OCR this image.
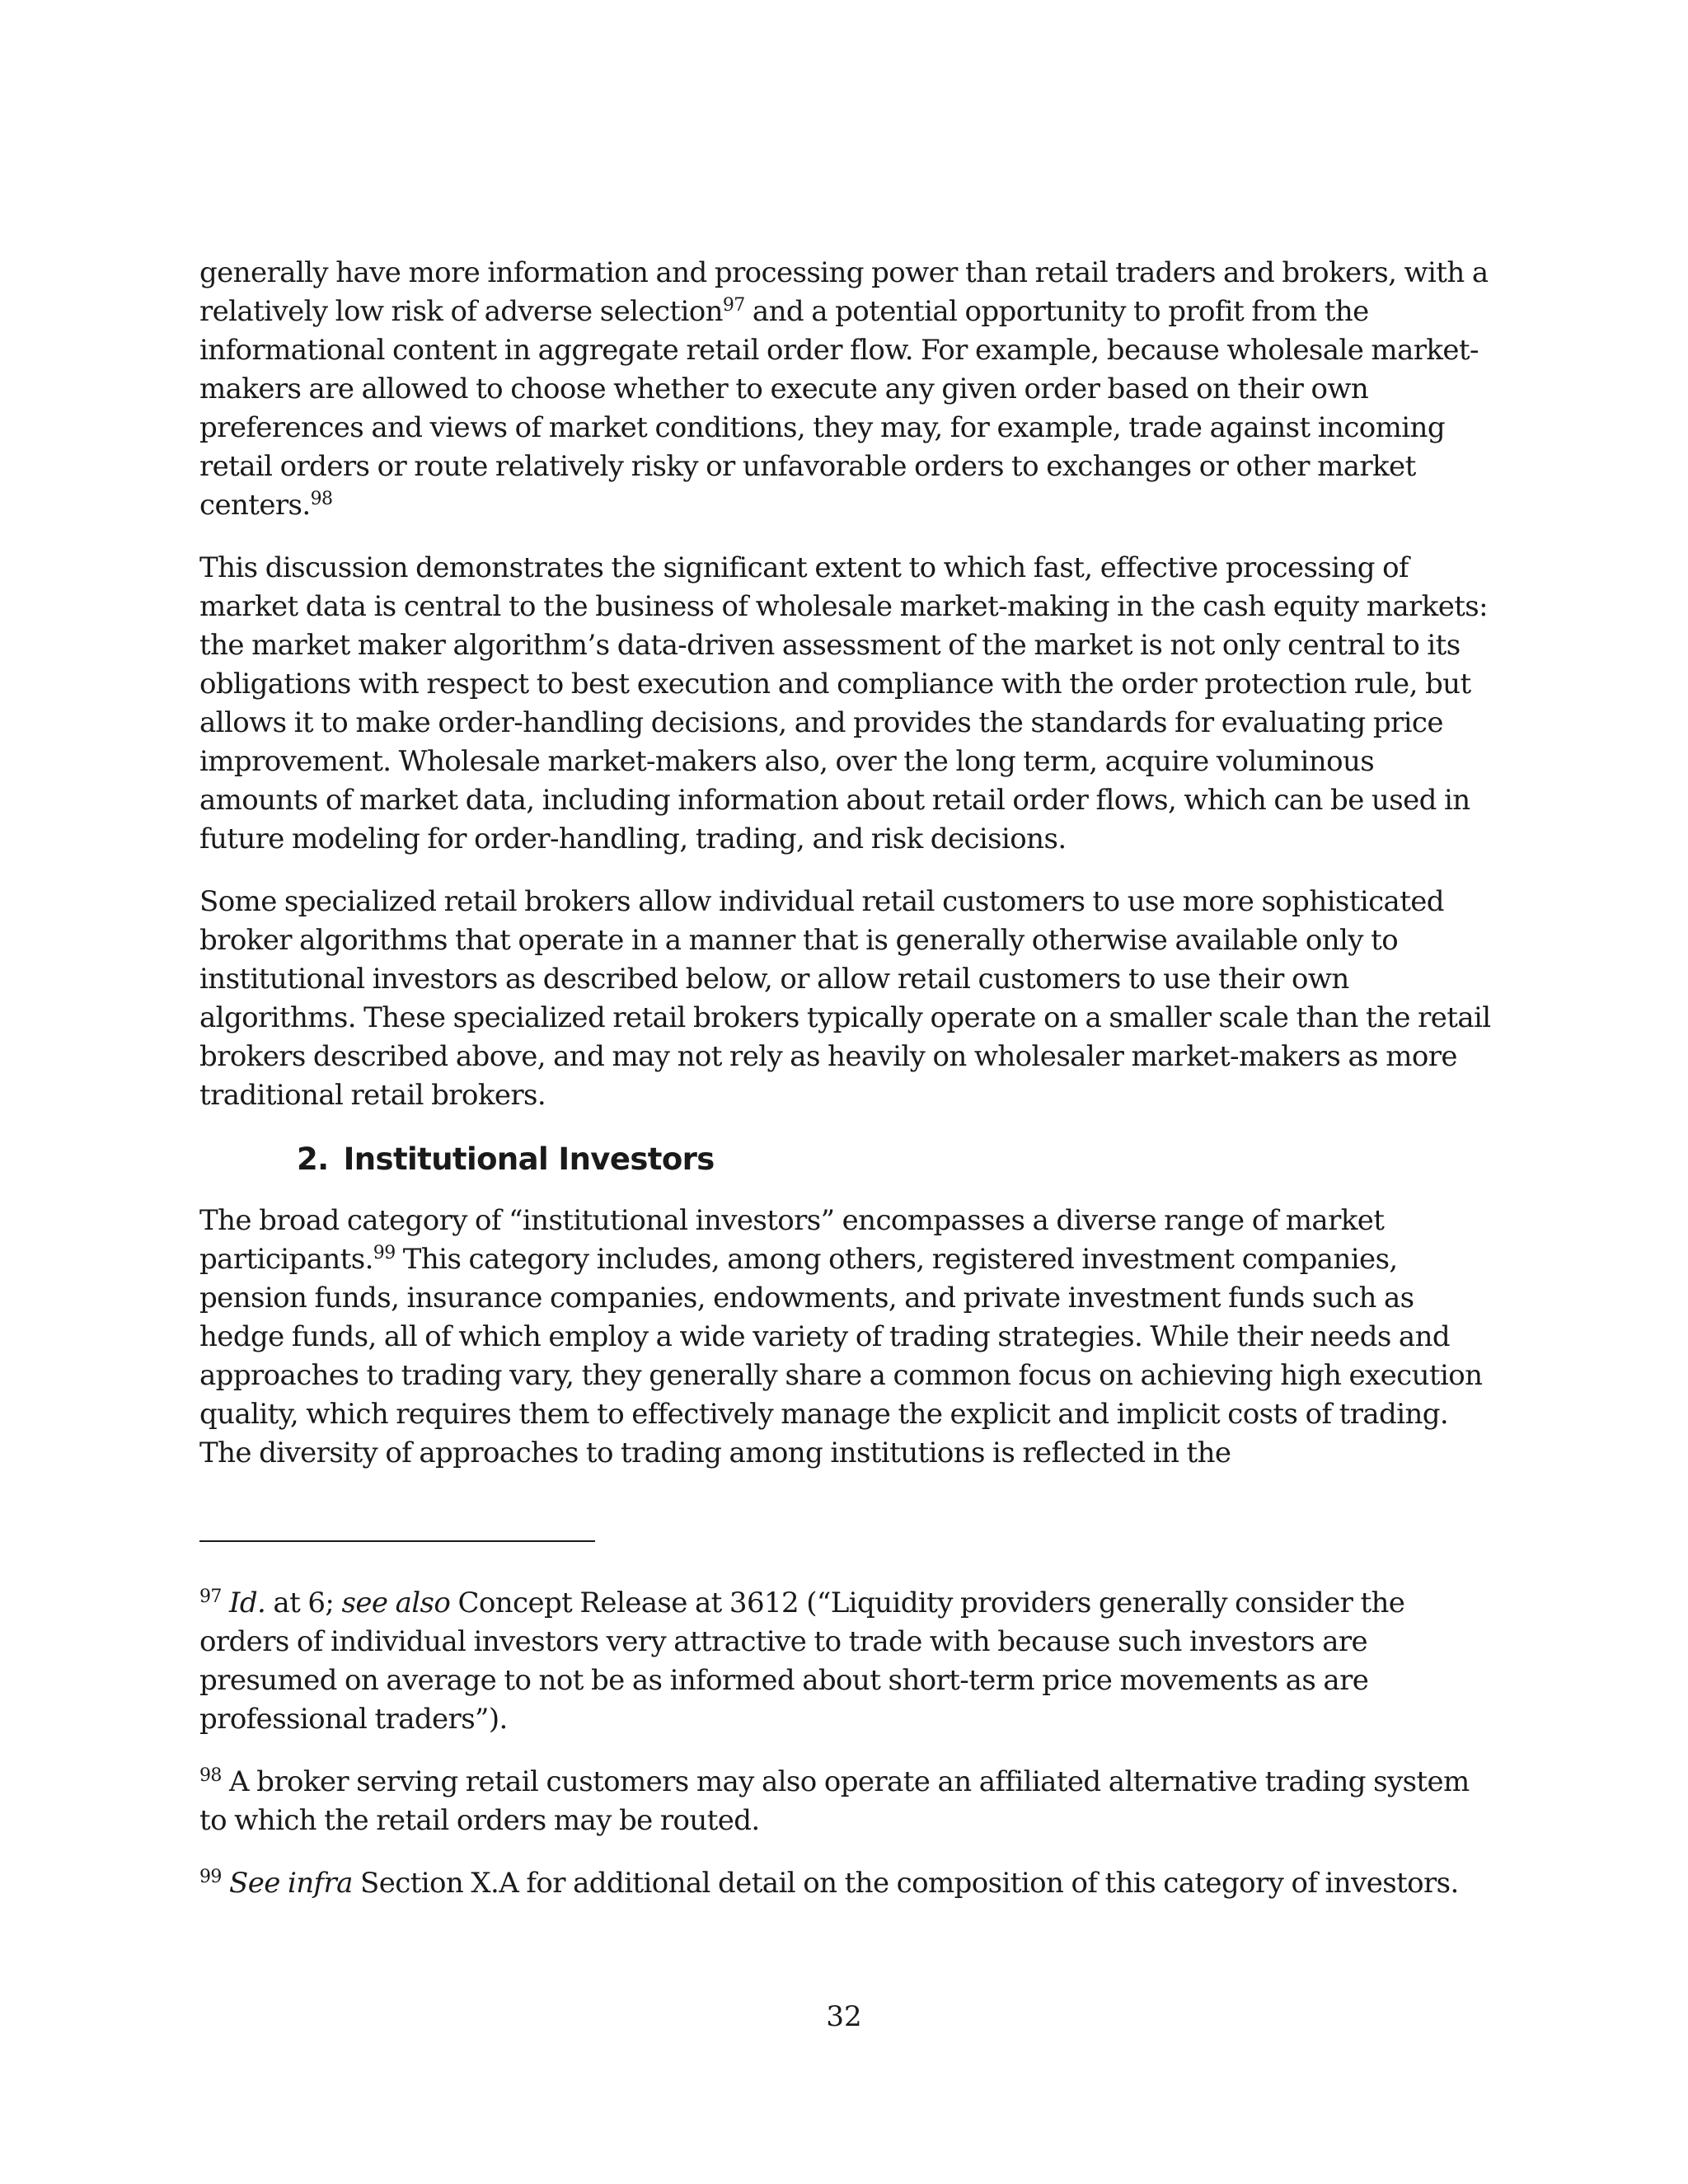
generally have more information and processing power than retail traders and brokers, with a relatively low risk of adverse selection$^{97}$ and a potential opportunity to profit from the informational content in aggregate retail order flow. For example, because wholesale market-makers are allowed to choose whether to execute any given order based on their own preferences and views of market conditions, they may, for example, trade against incoming retail orders or route relatively risky or unfavorable orders to exchanges or other market centers.$^{98}$

This discussion demonstrates the significant extent to which fast, effective processing of market data is central to the business of wholesale market-making in the cash equity markets: the market maker algorithm’s data-driven assessment of the market is not only central to its obligations with respect to best execution and compliance with the order protection rule, but allows it to make order-handling decisions, and provides the standards for evaluating price improvement. Wholesale market-makers also, over the long term, acquire voluminous amounts of market data, including information about retail order flows, which can be used in future modeling for order-handling, trading, and risk decisions.

Some specialized retail brokers allow individual retail customers to use more sophisticated broker algorithms that operate in a manner that is generally otherwise available only to institutional investors as described below, or allow retail customers to use their own algorithms. These specialized retail brokers typically operate on a smaller scale than the retail brokers described above, and may not rely as heavily on wholesaler market-makers as more traditional retail brokers.

2. Institutional Investors

The broad category of “institutional investors” encompasses a diverse range of market participants.$^{99}$ This category includes, among others, registered investment companies, pension funds, insurance companies, endowments, and private investment funds such as hedge funds, all of which employ a wide variety of trading strategies. While their needs and approaches to trading vary, they generally share a common focus on achieving high execution quality, which requires them to effectively manage the explicit and implicit costs of trading. The diversity of approaches to trading among institutions is reflected in the

$^{97}$ Id. at 6; see also Concept Release at 3612 (“Liquidity providers generally consider the orders of individual investors very attractive to trade with because such investors are presumed on average to not be as informed about short-term price movements as are professional traders”).

$^{98}$ A broker serving retail customers may also operate an affiliated alternative trading system to which the retail orders may be routed.

$^{99}$ See infra Section X.A for additional detail on the composition of this category of investors.

32
